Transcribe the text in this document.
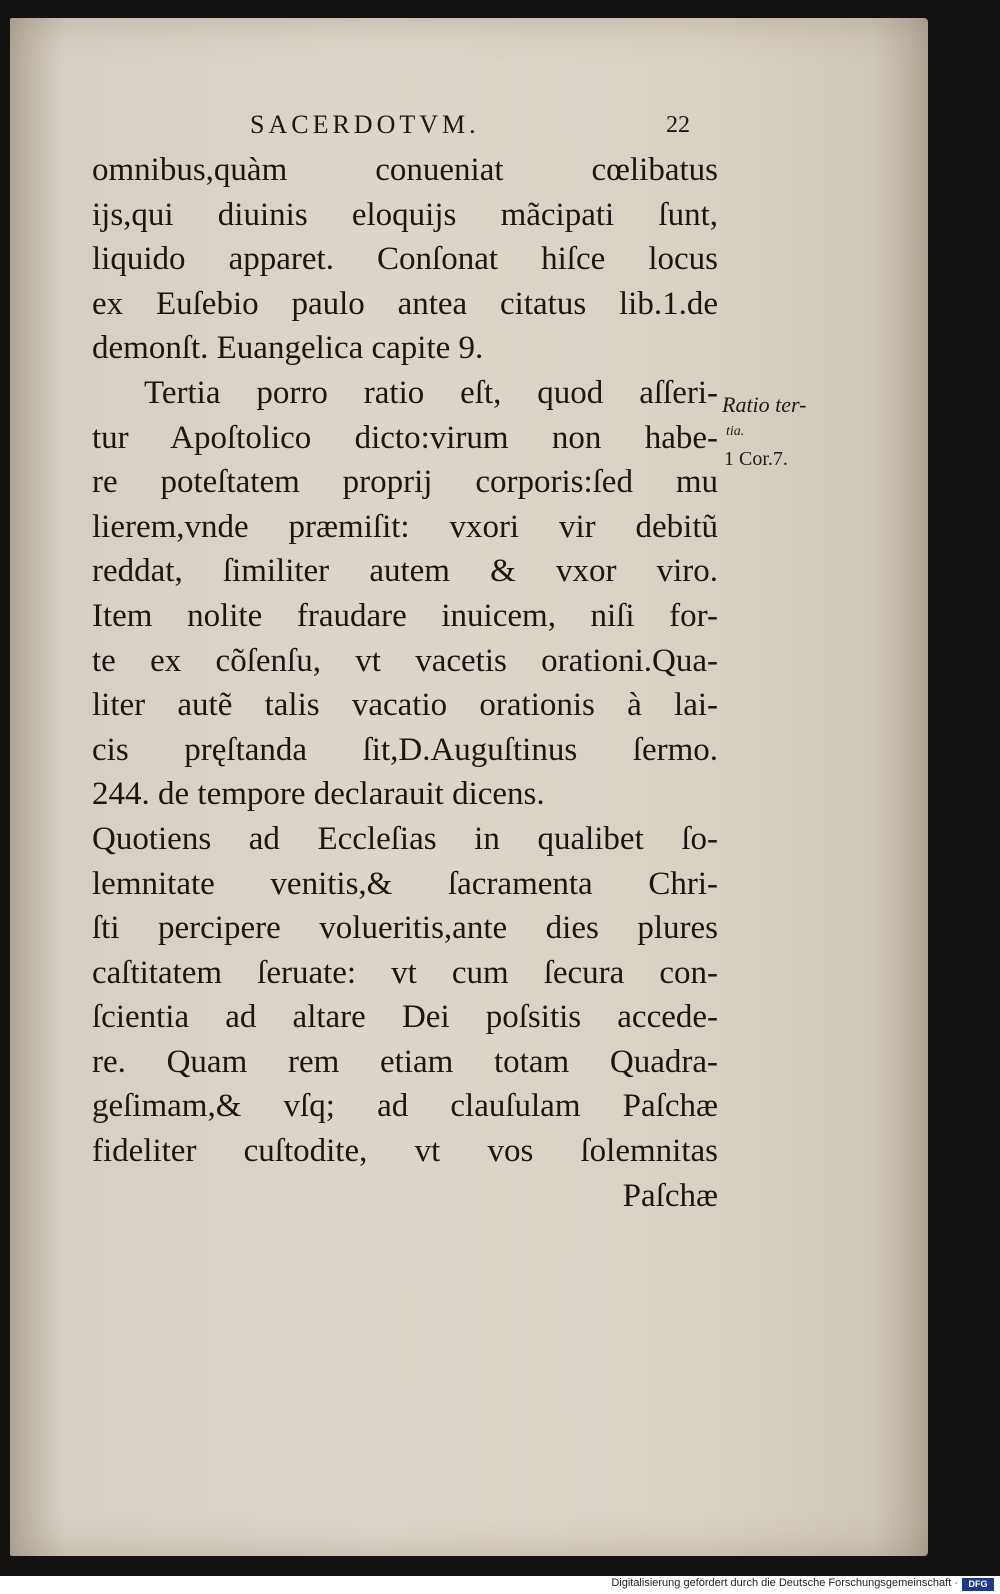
SACERDOTVM.	22
omnibus,quàm conueniat cœlibatus
ijs,qui diuinis eloquijs mãcipati ſunt,
liquido apparet. Conſonat hiſce locus
ex Euſebio paulo antea citatus lib.1.de
demonſt. Euangelica capite 9.
Tertia porro ratio eſt, quod aſſeri-
tur Apoſtolico dicto:virum non habe-
re poteſtatem proprij corporis:ſed mu
lierem,vnde præmiſit: vxori vir debitũ
reddat, ſimiliter autem & vxor viro.
Item nolite fraudare inuicem, niſi for-
te ex cõſenſu, vt vacetis orationi.Qua-
liter autẽ talis vacatio orationis à lai-
cis pręſtanda ſit,D.Auguſtinus ſermo.
244. de tempore declarauit dicens.
Quotiens ad Eccleſias in qualibet ſo-
lemnitate venitis,& ſacramenta Chri-
ſti percipere volueritis,ante dies plures
caſtitatem ſeruate: vt cum ſecura con-
ſcientia ad altare Dei poſsitis accede-
re. Quam rem etiam totam Quadra-
geſimam,& vſq; ad clauſulam Paſchæ
fideliter cuſtodite, vt vos ſolemnitas
Paſchæ
Ratio ter-
tia.
1 Cor.7.
Digitalisierung gefördert durch die Deutsche Forschungsgemeinschaft ·	DFG
